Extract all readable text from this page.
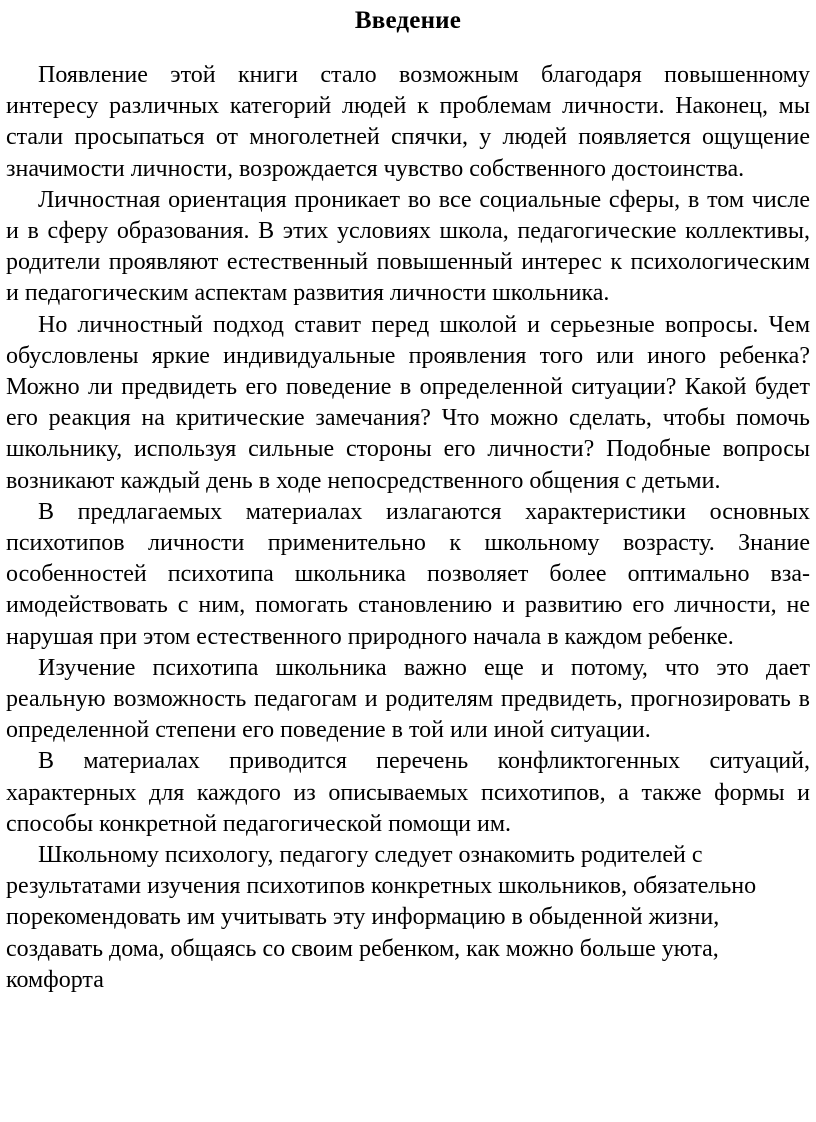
Введение

Появление этой книги стало возможным благодаря повышенному интересу различных категорий людей к проблемам личности. Наконец, мы стали просыпаться от многолетней спячки, у людей появляется ощущение значимости личности, возрождается чувство собственного достоинства.

Личностная ориентация проникает во все социальные сферы, в том числе и в сферу образования. В этих условиях школа, педагогические коллективы, родители проявляют естественный повышенный интерес к психологическим и педагогическим аспектам развития личности школьника.

Но личностный подход ставит перед школой и серьезные вопросы. Чем обусловлены яркие индивидуальные проявления того или иного ребенка? Можно ли предвидеть его поведение в определенной ситуации? Какой будет его реакция на критические замечания? Что можно сделать, чтобы помочь школьнику, используя сильные стороны его личности? Подобные вопросы возникают каждый день в ходе непосредственного общения с детьми.

В предлагаемых материалах излагаются характеристики основных психотипов личности применительно к школьному возрасту. Знание особенностей психотипа школьника позволяет более оптимально взаимодействовать с ним, помогать становлению и развитию его личности, не нарушая при этом естественного природного начала в каждом ребенке.

Изучение психотипа школьника важно еще и потому, что это дает реальную возможность педагогам и родителям предвидеть, прогнозировать в определенной степени его поведение в той или иной ситуации.

В материалах приводится перечень конфликтогенных ситуаций, характерных для каждого из описываемых психотипов, а также формы и способы конкретной педагогической помощи им.

Школьному психологу, педагогу следует ознакомить родителей с результатами изучения психотипов конкретных школьников, обязательно порекомендовать им учитывать эту информацию в обыденной жизни, создавать дома, общаясь со своим ребенком, как можно больше уюта, комфорта
